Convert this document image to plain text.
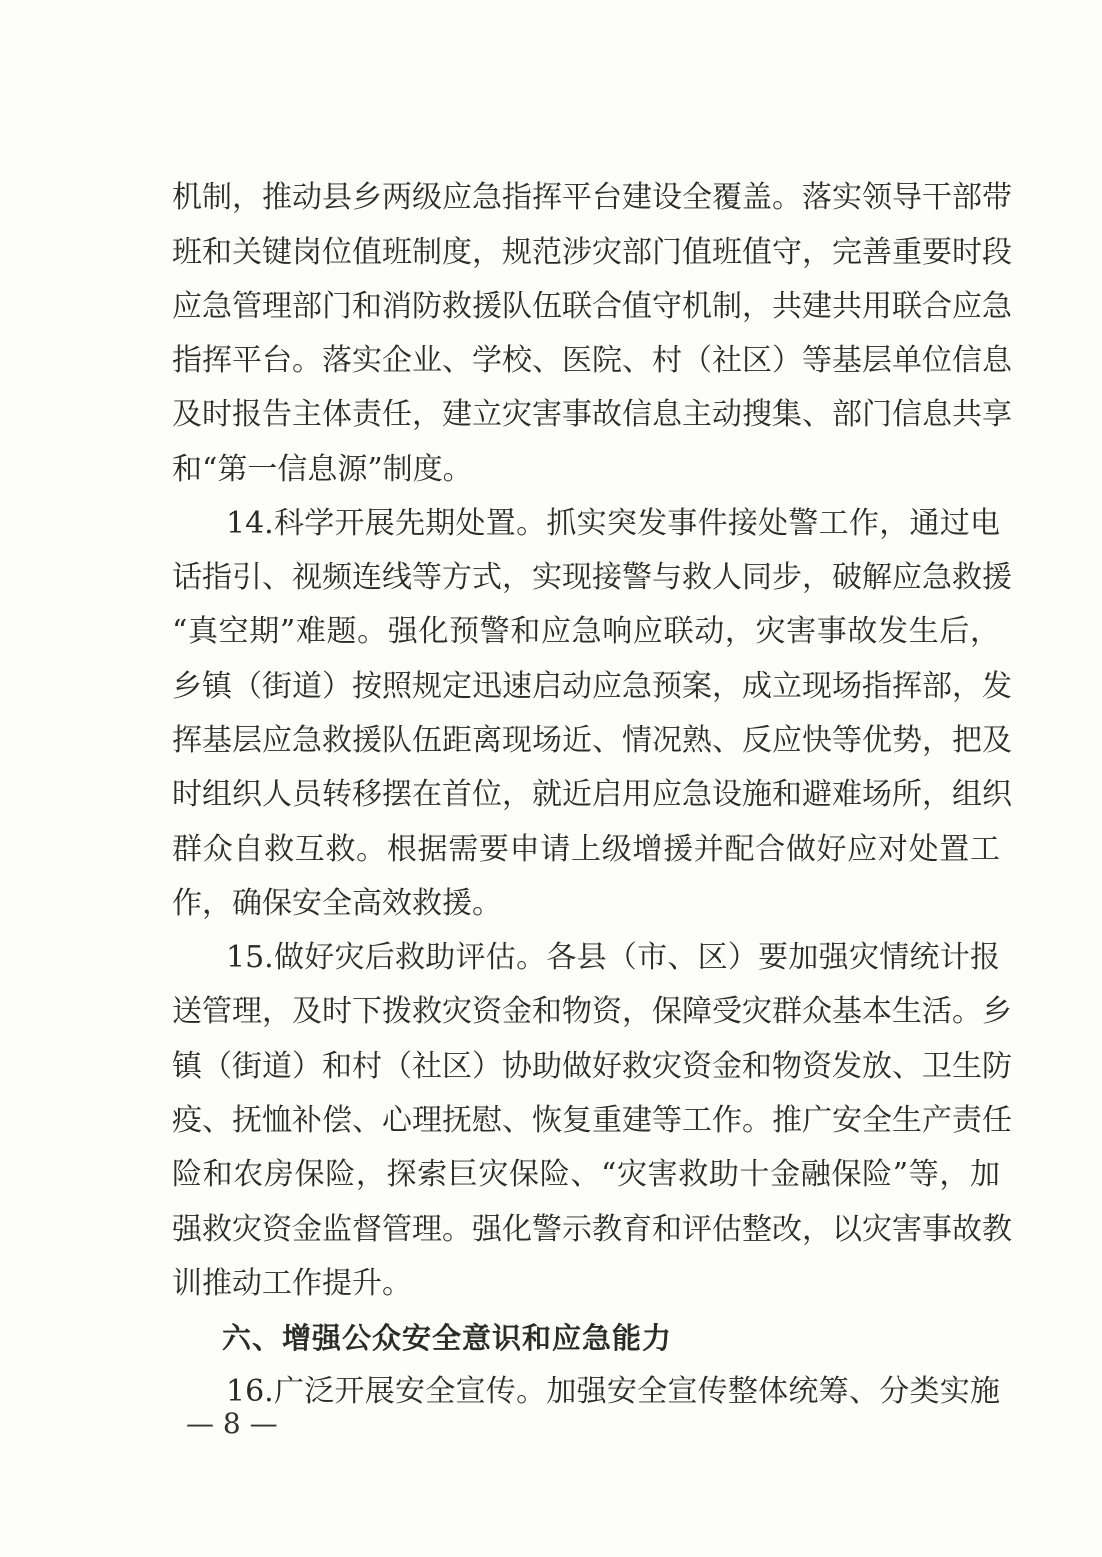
机制，推动县乡两级应急指挥平台建设全覆盖。落实领导干部带
班和关键岗位值班制度，规范涉灾部门值班值守，完善重要时段
应急管理部门和消防救援队伍联合值守机制，共建共用联合应急
指挥平台。落实企业、学校、医院、村（社区）等基层单位信息
及时报告主体责任，建立灾害事故信息主动搜集、部门信息共享
和“第一信息源”制度。
14.科学开展先期处置。抓实突发事件接处警工作，通过电
话指引、视频连线等方式，实现接警与救人同步，破解应急救援
“真空期”难题。强化预警和应急响应联动，灾害事故发生后，
乡镇（街道）按照规定迅速启动应急预案，成立现场指挥部，发
挥基层应急救援队伍距离现场近、情况熟、反应快等优势，把及
时组织人员转移摆在首位，就近启用应急设施和避难场所，组织
群众自救互救。根据需要申请上级增援并配合做好应对处置工
作，确保安全高效救援。
15.做好灾后救助评估。各县（市、区）要加强灾情统计报
送管理，及时下拨救灾资金和物资，保障受灾群众基本生活。乡
镇（街道）和村（社区）协助做好救灾资金和物资发放、卫生防
疫、抚恤补偿、心理抚慰、恢复重建等工作。推广安全生产责任
险和农房保险，探索巨灾保险、“灾害救助十金融保险”等，加
强救灾资金监督管理。强化警示教育和评估整改，以灾害事故教
训推动工作提升。
六、增强公众安全意识和应急能力
16.广泛开展安全宣传。加强安全宣传整体统筹、分类实施
— 8 —
